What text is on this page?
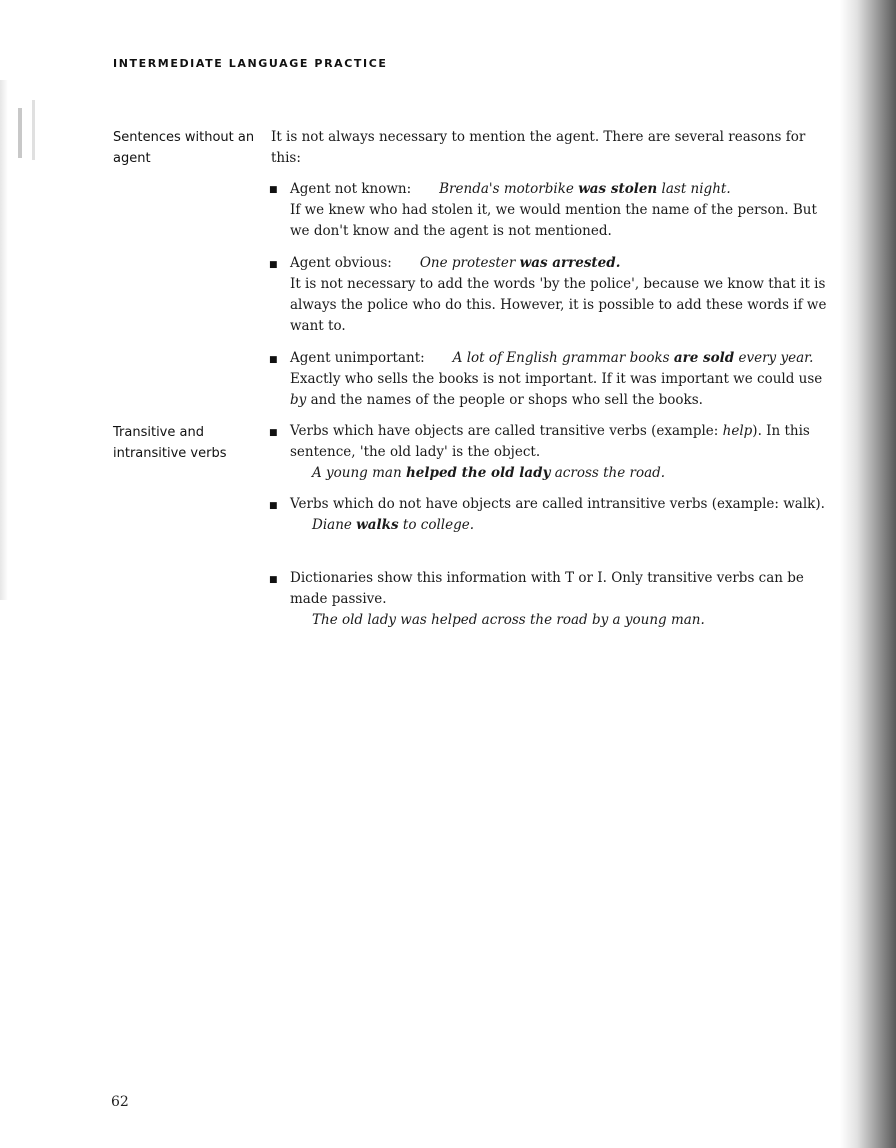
INTERMEDIATE LANGUAGE PRACTICE
Sentences without an agent

It is not always necessary to mention the agent. There are several reasons for this:

■ Agent not known: Brenda's motorbike was stolen last night.

If we knew who had stolen it, we would mention the name of the person. But we don't know and the agent is not mentioned.

■ Agent obvious: One protester was arrested.

It is not necessary to add the words 'by the police', because we know that it is always the police who do this. However, it is possible to add these words if we want to.

■ Agent unimportant: A lot of English grammar books are sold every year.

Exactly who sells the books is not important. If it was important we could use by and the names of the people or shops who sell the books.

Transitive and intransitive verbs
■ Verbs which have objects are called transitive verbs (example: help). In this sentence, 'the old lady' is the object.

A young man helped the old lady across the road.

■ Verbs which do not have objects are called intransitive verbs (example: walk).

Diane walks to college.

■ Dictionaries show this information with T or I. Only transitive verbs can be made passive.

The old lady was helped across the road by a young man.

62
